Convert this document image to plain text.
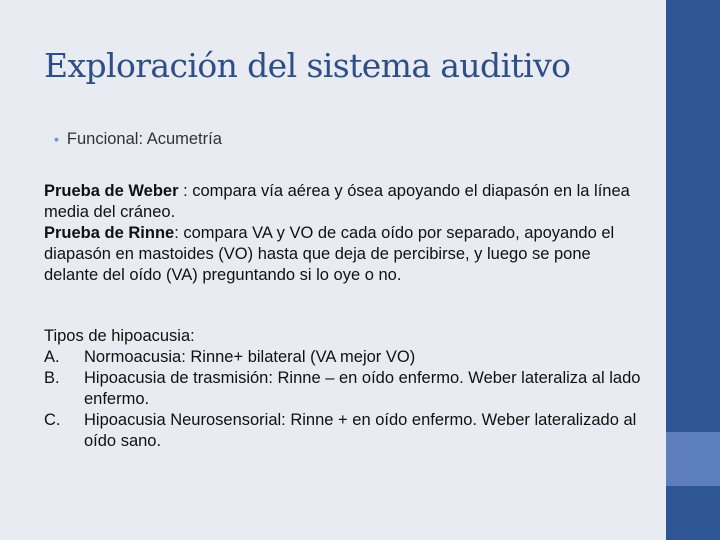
Exploración del sistema auditivo
• Funcional: Acumetría

Prueba de Weber : compara vía aérea y ósea apoyando el diapasón en la línea media del cráneo.

Prueba de Rinne: compara VA y VO de cada oído por separado, apoyando el diapasón en mastoides (VO) hasta que deja de percibirse, y luego se pone delante del oído (VA) preguntando si lo oye o no.

Tipos de hipoacusia:
A.	Normoacusia: Rinne+ bilateral (VA mejor VO)
B.	Hipoacusia de trasmisión: Rinne – en oído enfermo. Weber lateraliza al lado enfermo.
C.	Hipoacusia Neurosensorial: Rinne + en oído enfermo. Weber lateralizado al oído sano.
